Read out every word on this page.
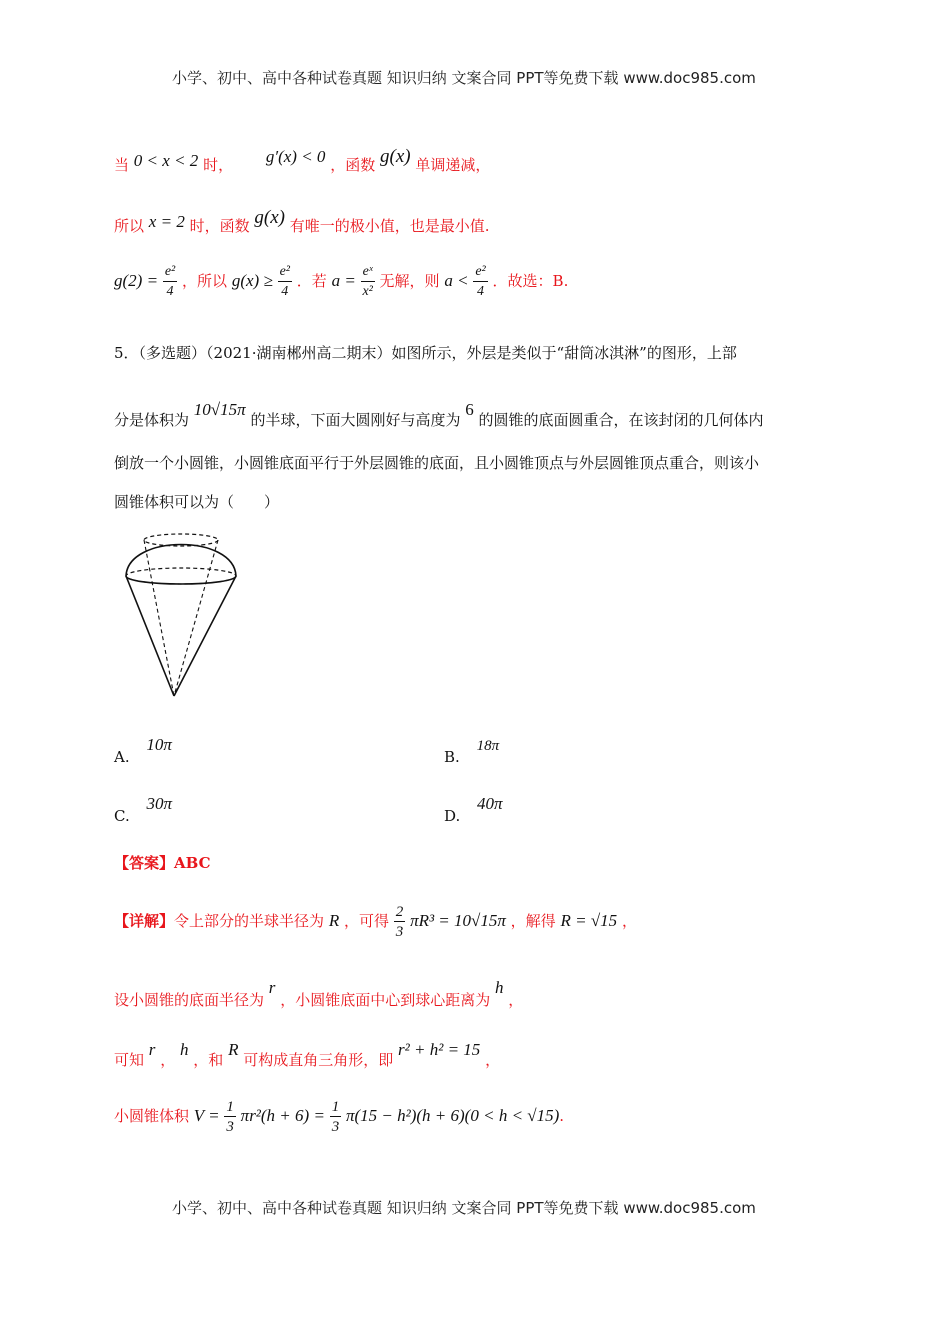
小学、初中、高中各种试卷真题 知识归纳 文案合同 PPT等免费下载 www.doc985.com
当 0 < x < 2 时， g′(x) < 0 ，函数 g(x) 单调递减，
所以 x = 2 时，函数 g(x) 有唯一的极小值，也是最小值.
$g(2) = \frac{\text{e²}}{4}$ ，所以 $g(x) \ge \frac{\text{e²}}{4}$ ．若 $a = \frac{\text{eˣ}}{\text{x²}}$ 无解，则 $a < \frac{\text{e²}}{4}$ ．故选：B.
5．（多选题）（2021·湖南郴州高二期末）如图所示，外层是类似于“甜筒冰淇淋”的图形，上部
分是体积为 10√15π 的半球，下面大圆刚好与高度为 6 的圆锥的底面圆重合，在该封闭的几何体内
倒放一个小圆锥，小圆锥底面平行于外层圆锥的底面，且小圆锥顶点与外层圆锥顶点重合，则该小
圆锥体积可以为（　　）
A. 10π
B. 18π
C. 30π
D. 40π
【答案】ABC
【详解】令上部分的半球半径为 R ，可得 $\frac{2}{3} \pi R^3 = 10√15\pi$ ，解得 R = √15 ，
设小圆锥的底面半径为 r ，小圆锥底面中心到球心距离为 h ，
可知 r ， h ，和 R 可构成直角三角形，即 r² + h² = 15 ，
小圆锥体积 $V = \frac{1}{3} \pi r^2(h + 6) = \frac{1}{3} \pi(15 - h^2)(h + 6)(0 < h < √15)$.
小学、初中、高中各种试卷真题 知识归纳 文案合同 PPT等免费下载 www.doc985.com
